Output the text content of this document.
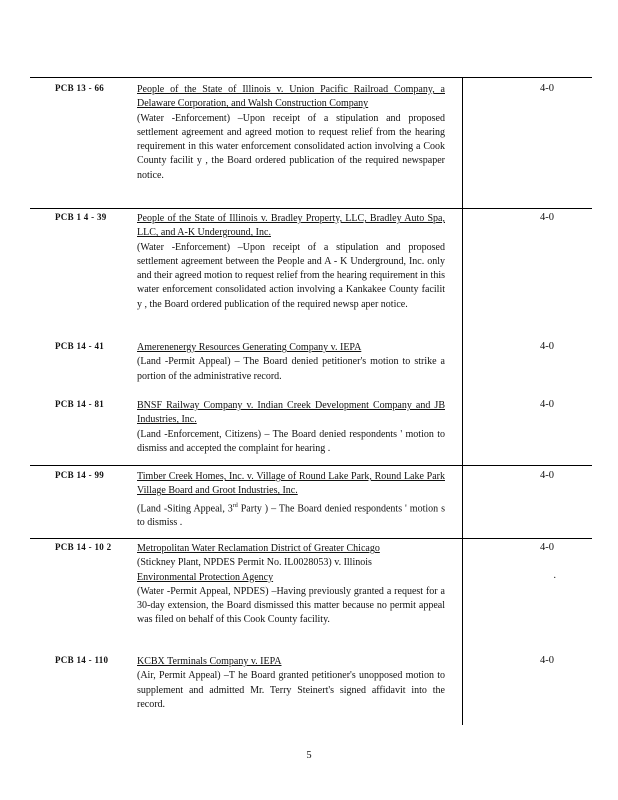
PCB 13 - 66	People of the State of Illinois v. Union Pacific Railroad Company, a Delaware Corporation, and Walsh Construction Company
(Water -Enforcement) –Upon receipt of a stipulation and proposed settlement agreement and agreed motion to request relief from the hearing requirement in this water enforcement consolidated action involving a Cook County facilit y , the Board ordered publication of the required newspaper notice.
4-0
PCB 1 4 - 39	People of the State of Illinois v. Bradley Property, LLC, Bradley Auto Spa, LLC, and A-K Underground, Inc.
(Water -Enforcement) –Upon receipt of a stipulation and proposed settlement agreement between the People and A - K Underground, Inc. only and their agreed motion to request relief from the hearing requirement in this water enforcement consolidated action involving a Kankakee County facilit y , the Board ordered publication of the required newsp aper notice.
4-0
PCB 14 - 41	Amerenenergy Resources Generating Company v. IEPA
(Land -Permit Appeal) – The Board denied petitioner's motion to strike a portion of the administrative record.
4-0
PCB 14 - 81	BNSF Railway Company v. Indian Creek Development Company and JB Industries, Inc.
(Land -Enforcement, Citizens) – The Board denied respondents ' motion to dismiss and accepted the complaint for hearing .
4-0
PCB 14 - 99	Timber Creek Homes, Inc. v. Village of Round Lake Park, Round Lake Park Village Board and Groot Industries, Inc.
(Land -Siting Appeal, 3rd Party ) – The Board denied respondents ' motion s to dismiss .
4-0
PCB 14 - 10 2	Metropolitan Water Reclamation District of Greater Chicago
(Stickney Plant, NPDES Permit No. IL0028053) v. Illinois
Environmental Protection Agency
(Water -Permit Appeal, NPDES) –Having previously granted a request for a 30-day extension, the Board dismissed this matter because no permit appeal was filed on behalf of this Cook County facility.
4-0
.
PCB 14 - 110	KCBX Terminals Company v. IEPA
(Air, Permit Appeal) –T he Board granted petitioner's unopposed motion to supplement and admitted Mr. Terry Steinert's signed affidavit into the record.
4-0
5
